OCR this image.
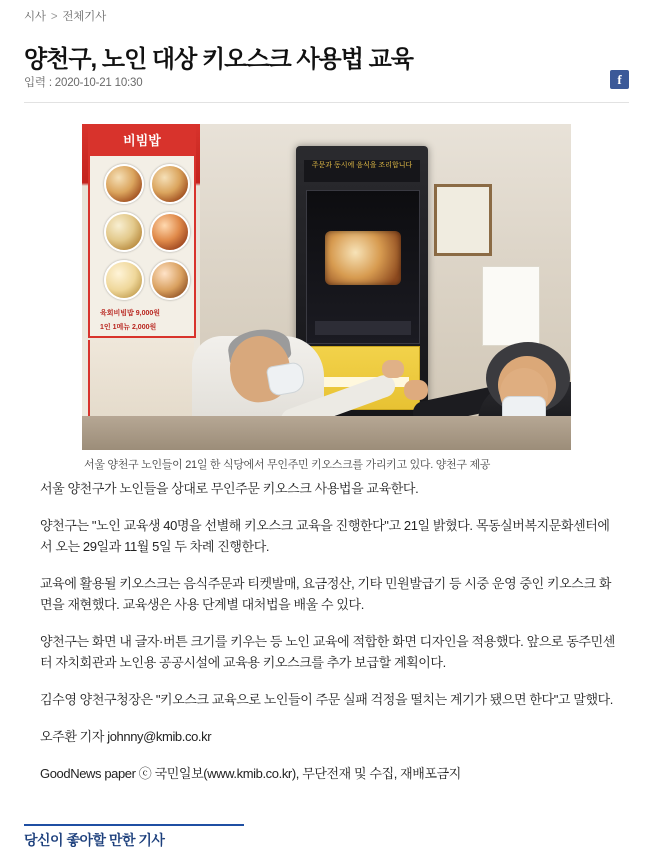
시사 > 전체기사
양천구, 노인 대상 키오스크 사용법 교육
입력 : 2020-10-21 10:30	f
비빔밥
육회비빔밥 9,000원
1인 1메뉴 2,000원
주문과 동시에 음식을 조리합니다
서울 양천구 노인들이 21일 한 식당에서 무인주민 키오스크를 가리키고 있다. 양천구 제공

서울 양천구가 노인들을 상대로 무인주문 키오스크 사용법을 교육한다.

양천구는 "노인 교육생 40명을 선별해 키오스크 교육을 진행한다"고 21일 밝혔다. 목동실버복지문화센터에서 오는 29일과 11월 5일 두 차례 진행한다.

교육에 활용될 키오스크는 음식주문과 티켓발매, 요금정산, 기타 민원발급기 등 시중 운영 중인 키오스크 화면을 재현했다. 교육생은 사용 단계별 대처법을 배울 수 있다.

양천구는 화면 내 글자·버튼 크기를 키우는 등 노인 교육에 적합한 화면 디자인을 적용했다. 앞으로 동주민센터 자치회관과 노인용 공공시설에 교육용 키오스크를 추가 보급할 계획이다.

김수영 양천구청장은 "키오스크 교육으로 노인들이 주문 실패 걱정을 떨치는 계기가 됐으면 한다"고 말했다.

오주환 기자 johnny@kmib.co.kr

GoodNews paper ⓒ 국민일보(www.kmib.co.kr), 무단전재 및 수집, 재배포금지

당신이 좋아할 만한 기사
